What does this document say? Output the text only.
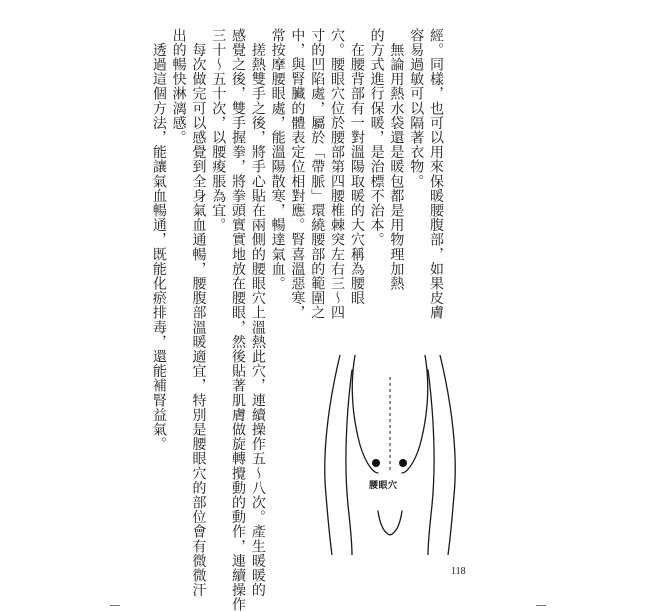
經。同樣，也可以用來保暖腰腹部，如果皮膚

容易過敏可以隔著衣物。

　無論用熱水袋還是暖包都是用物理加熱

的方式進行保暖，是治標不治本。

　在腰背部有一對溫陽取暖的大穴稱為腰眼

穴。腰眼穴位於腰部第四腰椎棘突左右三～四

寸的凹陷處，屬於「帶脈」環繞腰部的範圍之

中，與腎臟的體表定位相對應。腎喜溫惡寒，

常按摩腰眼處，能溫陽散寒，暢達氣血。

　搓熱雙手之後，將手心貼在兩側的腰眼穴上溫熱此穴，連續操作五～八次。產生暖暖的

感覺之後，雙手握拳，將拳頭實實地放在腰眼，然後貼著肌膚做旋轉攪動的動作，連續操作

三十～五十次，以腰痠脹為宜。

　每次做完可以感覺到全身氣血通暢，腰腹部溫暖適宜，特別是腰眼穴的部位會有微微汗

出的暢快淋漓感。

　透過這個方法，能讓氣血暢通，既能化瘀排毒，還能補腎益氣。

腰眼穴
118
